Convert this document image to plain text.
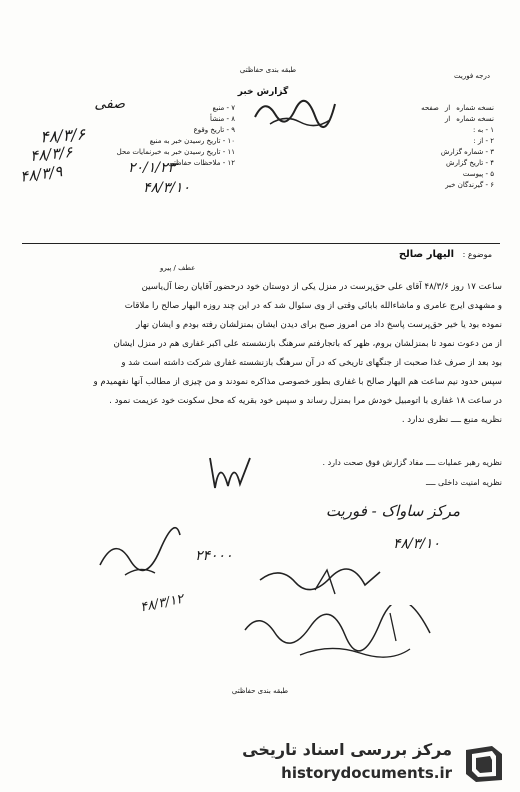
طبقه بندی حفاظتی
درجه فوریت
گزارش خبر
نسخه شماره
از
صفحه
نسخه شماره
از
۱ - به :
۲ - از :
۳ - شماره گزارش
۴ - تاریخ گزارش
۵ - پیوست
۶ - گیرندگان خبر
۷ - منبع
۸ - منشأ
۹ - تاریخ وقوع
۱۰ - تاریخ رسیدن خبر به منبع
۱۱ - تاریخ رسیدن خبر به خبرنمایات محل
۱۲ - ملاحظات حفاظتی
صفی
۴۸/۳/۶
۴۸/۳/۶
۴۸/۳/۹	۲۰/۱/۲۳
۴۸/۳/۱۰
موضوع : الیهار صالح
عطف / پیرو

ساعت ۱۷ روز ۴۸/۳/۶ آقای علی حق‌پرست در منزل یکی از دوستان خود درحضور آقایان رضا آل‌یاسین

و مشهدی ایرج عامری و ماشاءالله بابائی وقتی از وی سئوال شد که در این چند روزه الیهار صالح را ملاقات

نموده بود یا خیر حق‌پرست پاسخ داد من امروز صبح برای دیدن ایشان بمنزلشان رفته بودم و ایشان نهار

از من دعوت نمود تا بمنزلشان بروم، ظهر که باتجارفتم سرهنگ بازنشسته علی اکبر غفاری هم در منزل ایشان

بود بعد از صرف غذا صحبت از جنگهای تاریخی که در آن سرهنگ بازنشسته غفاری شرکت داشته است شد و

سپس حدود نیم ساعت هم الیهار صالح با غفاری بطور خصوصی مذاکره نمودند و من چیزی از مطالب آنها نفهمیدم و

در ساعت ۱۸ غفاری با اتومبیل خودش مرا بمنزل رساند و سپس خود بقریه که محل سکونت خود عزیمت نمود .

نظریه منبع ــــ نظری ندارد .

نظریه رهبر عملیات ــــ مفاد گزارش فوق صحت دارد .
نظریه امنیت داخلی ــــ
مرکز ساواک - فوریت
۴۸/۳/۱۰
۲۴۰۰۰
۴۸/۳/۱۲
طبقه بندی حفاظتی
مرکز بررسی اسناد تاریخی
historydocuments.ir
